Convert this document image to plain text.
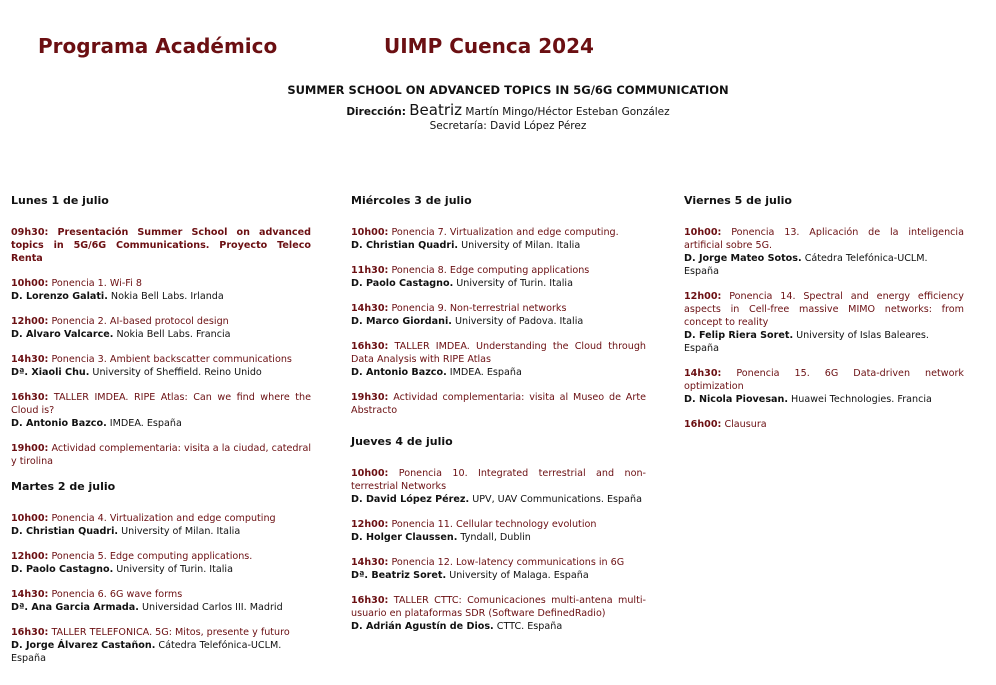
Programa Académico	UIMP Cuenca 2024
SUMMER SCHOOL ON ADVANCED TOPICS IN 5G/6G COMMUNICATION
Dirección: Beatriz Martín Mingo/Héctor Esteban González
Secretaría: David López Pérez
Lunes 1 de julio
09h30: Presentación Summer School on advanced topics in 5G/6G Communications. Proyecto Teleco Renta
10h00: Ponencia 1. Wi-Fi 8
D. Lorenzo Galati. Nokia Bell Labs. Irlanda
12h00: Ponencia 2. AI-based protocol design
D. Alvaro Valcarce. Nokia Bell Labs. Francia
14h30: Ponencia 3. Ambient backscatter communications
Dª. Xiaoli Chu. University of Sheffield. Reino Unido
16h30: TALLER IMDEA. RIPE Atlas: Can we find where the Cloud is?
D. Antonio Bazco. IMDEA. España
19h00: Actividad complementaria: visita a la ciudad, catedral y tirolina
Martes 2 de julio
10h00: Ponencia 4. Virtualization and edge computing
D. Christian Quadri. University of Milan. Italia
12h00: Ponencia 5. Edge computing applications.
D. Paolo Castagno. University of Turin. Italia
14h30: Ponencia 6. 6G wave forms
Dª. Ana Garcia Armada. Universidad Carlos III. Madrid
16h30: TALLER TELEFONICA. 5G: Mitos, presente y futuro
D. Jorge Álvarez Castañon. Cátedra Telefónica-UCLM. España
Miércoles 3 de julio
10h00: Ponencia 7. Virtualization and edge computing.
D. Christian Quadri. University of Milan. Italia
11h30: Ponencia 8. Edge computing applications
D. Paolo Castagno. University of Turin. Italia
14h30: Ponencia 9. Non-terrestrial networks
D. Marco Giordani. University of Padova. Italia
16h30: TALLER IMDEA. Understanding the Cloud through Data Analysis with RIPE Atlas
D. Antonio Bazco. IMDEA. España
19h30: Actividad complementaria: visita al Museo de Arte Abstracto
Jueves 4 de julio
10h00: Ponencia 10. Integrated terrestrial and non-terrestrial Networks
D. David López Pérez. UPV, UAV Communications. España
12h00: Ponencia 11. Cellular technology evolution
D. Holger Claussen. Tyndall, Dublin
14h30: Ponencia 12. Low-latency communications in 6G
Dª. Beatriz Soret. University of Malaga. España
16h30: TALLER CTTC: Comunicaciones multi-antena multi-usuario en plataformas SDR (Software DefinedRadio)
D. Adrián Agustín de Dios. CTTC. España
Viernes 5 de julio
10h00: Ponencia 13. Aplicación de la inteligencia artificial sobre 5G.
D. Jorge Mateo Sotos. Cátedra Telefónica-UCLM. España
12h00: Ponencia 14. Spectral and energy efficiency aspects in Cell-free massive MIMO networks: from concept to reality
D. Felip Riera Soret. University of Islas Baleares. España
14h30: Ponencia 15. 6G Data-driven network optimization
D. Nicola Piovesan. Huawei Technologies. Francia
16h00: Clausura
